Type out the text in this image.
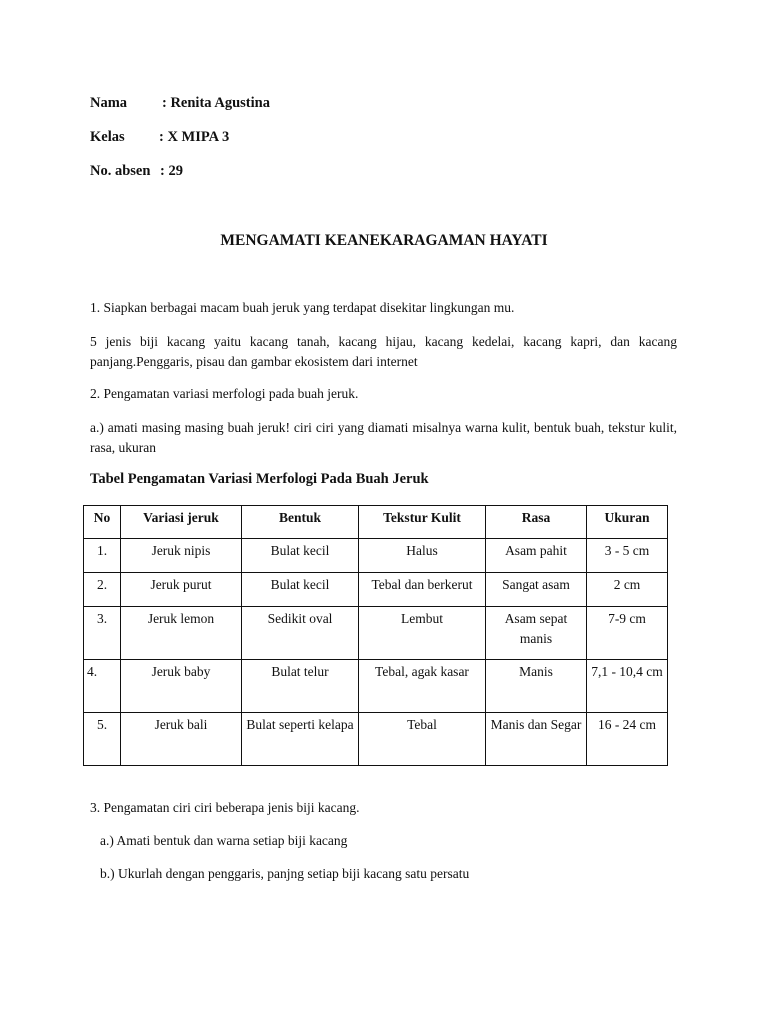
Nama : Renita Agustina

Kelas : X MIPA 3

No. absen : 29

MENGAMATI KEANEKARAGAMAN HAYATI

1. Siapkan berbagai macam buah jeruk yang terdapat disekitar lingkungan mu.

5 jenis biji kacang yaitu kacang tanah, kacang hijau, kacang kedelai, kacang kapri, dan kacang panjang.Penggaris, pisau dan gambar ekosistem dari internet

2. Pengamatan variasi merfologi pada buah jeruk.

a.) amati masing masing buah jeruk! ciri ciri yang diamati misalnya warna kulit, bentuk buah, tekstur kulit, rasa, ukuran

Tabel Pengamatan Variasi Merfologi Pada Buah Jeruk

No	Variasi jeruk	Bentuk	Tekstur Kulit	Rasa	Ukuran
1.	Jeruk nipis	Bulat kecil	Halus	Asam pahit	3 - 5 cm
2.	Jeruk purut	Bulat kecil	Tebal dan berkerut	Sangat asam	2 cm
3.	Jeruk lemon	Sedikit oval	Lembut	Asam sepat manis	7-9 cm
4.	Jeruk baby	Bulat telur	Tebal, agak kasar	Manis	7,1 - 10,4 cm
5.	Jeruk bali	Bulat seperti kelapa	Tebal	Manis dan Segar	16 - 24 cm

3. Pengamatan ciri ciri beberapa jenis biji kacang.

a.) Amati bentuk dan warna setiap biji kacang

b.) Ukurlah dengan penggaris, panjng setiap biji kacang satu persatu
